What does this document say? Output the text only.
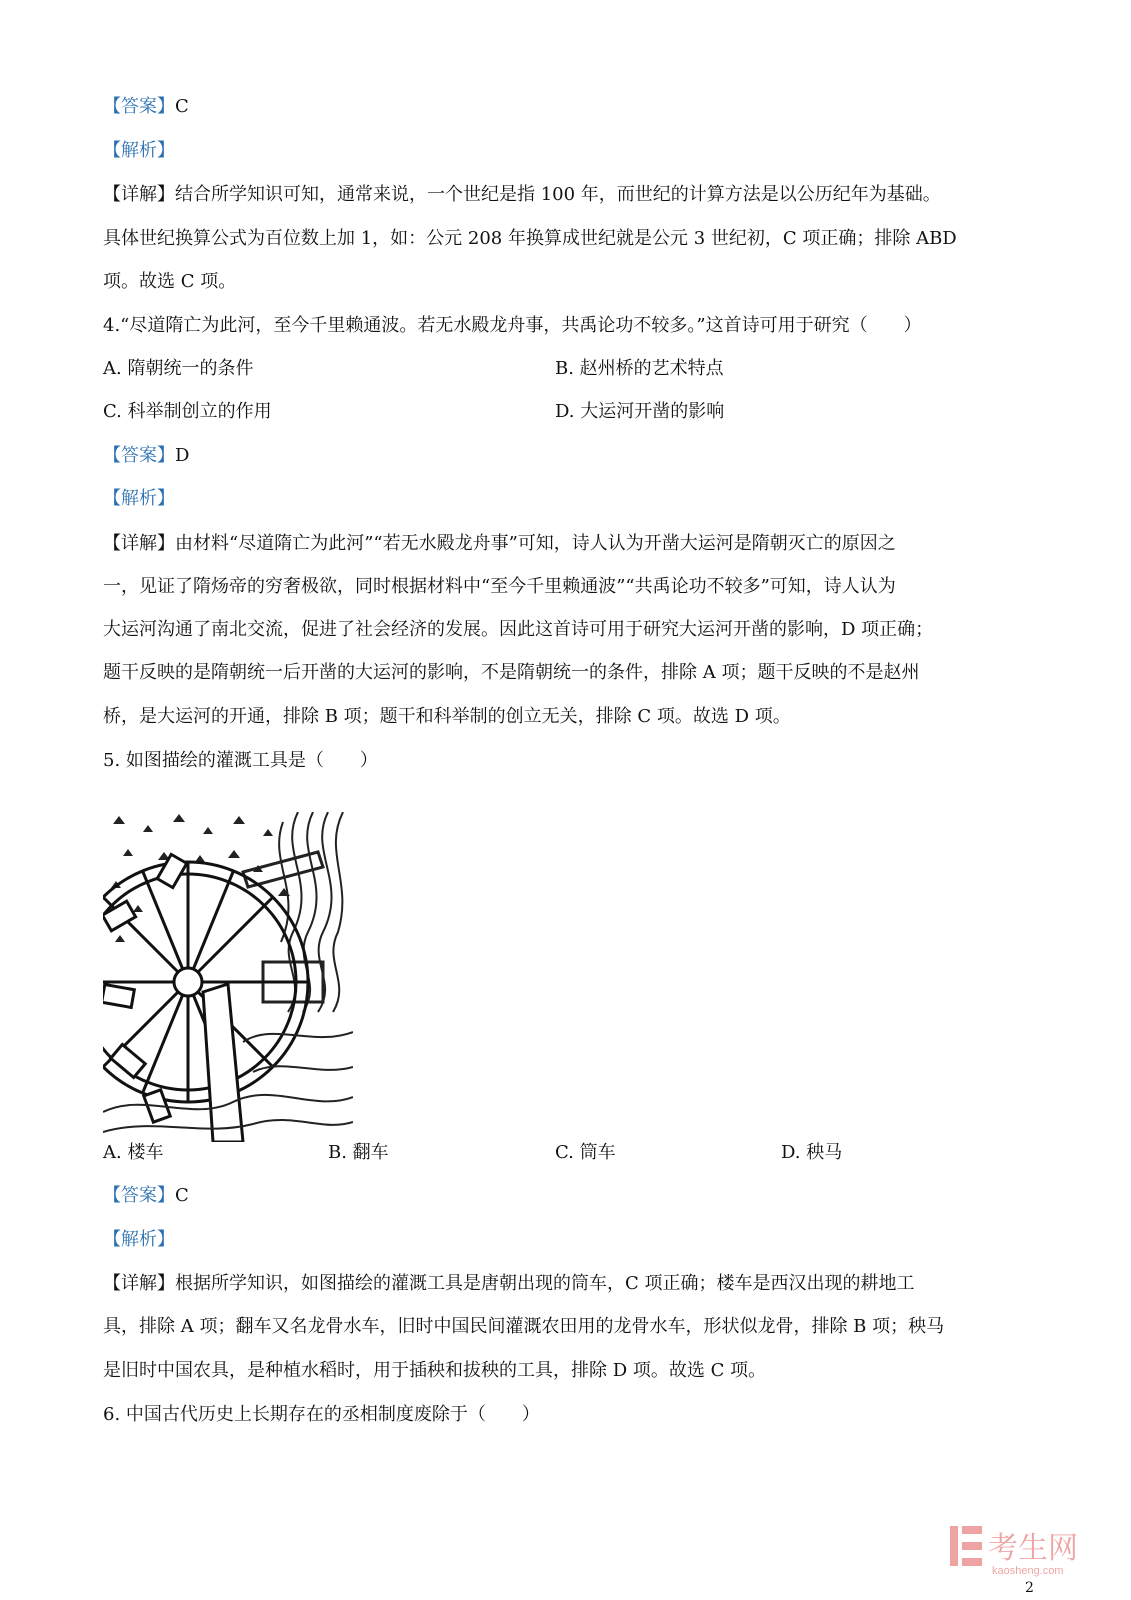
【答案】C
【解析】
【详解】结合所学知识可知，通常来说，一个世纪是指 100 年，而世纪的计算方法是以公历纪年为基础。
具体世纪换算公式为百位数上加 1，如：公元 208 年换算成世纪就是公元 3 世纪初，C 项正确；排除 ABD
项。故选 C 项。
4.“尽道隋亡为此河，至今千里赖通波。若无水殿龙舟事，共禹论功不较多。”这首诗可用于研究（　　）
A. 隋朝统一的条件	B. 赵州桥的艺术特点
C. 科举制创立的作用	D. 大运河开凿的影响
【答案】D
【解析】
【详解】由材料“尽道隋亡为此河”“若无水殿龙舟事”可知，诗人认为开凿大运河是隋朝灭亡的原因之
一，见证了隋炀帝的穷奢极欲，同时根据材料中“至今千里赖通波”“共禹论功不较多”可知，诗人认为
大运河沟通了南北交流，促进了社会经济的发展。因此这首诗可用于研究大运河开凿的影响，D 项正确；
题干反映的是隋朝统一后开凿的大运河的影响，不是隋朝统一的条件，排除 A 项；题干反映的不是赵州
桥，是大运河的开通，排除 B 项；题干和科举制的创立无关，排除 C 项。故选 D 项。
5. 如图描绘的灌溉工具是（　　）
A. 楼车	B. 翻车	C. 筒车	D. 秧马
【答案】C
【解析】
【详解】根据所学知识，如图描绘的灌溉工具是唐朝出现的筒车，C 项正确；楼车是西汉出现的耕地工
具，排除 A 项；翻车又名龙骨水车，旧时中国民间灌溉农田用的龙骨水车，形状似龙骨，排除 B 项；秧马
是旧时中国农具，是种植水稻时，用于插秧和拔秧的工具，排除 D 项。故选 C 项。
6. 中国古代历史上长期存在的丞相制度废除于（　　）
考生网
kaosheng.com
2
